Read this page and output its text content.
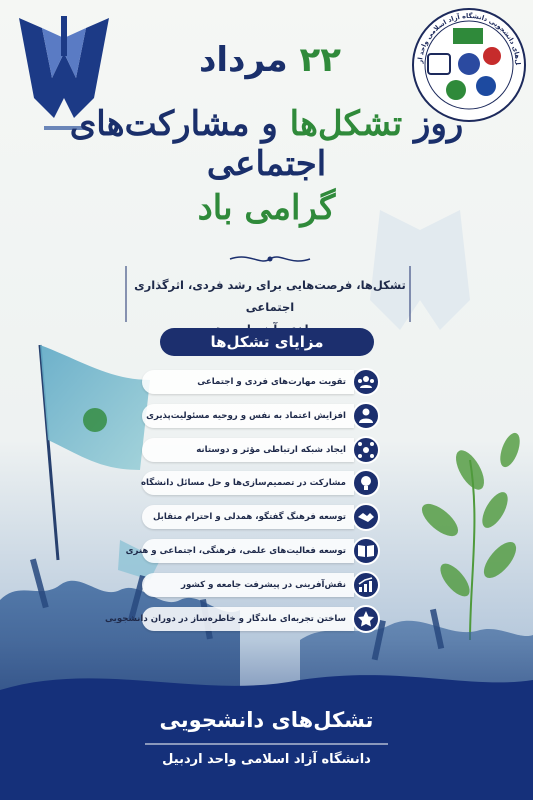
ل‌های دانشجویی دانشگاه آزاد اسلامی واحد ار
۲۲ مرداد
روز تشکل‌ها و مشارکت‌های اجتماعی
گرامی باد
تشکل‌ها، فرصت‌هایی برای رشد فردی، اثرگذاری اجتماعی
مزایای تشکل‌ها
تقویت مهارت‌های فردی و اجتماعی
افزایش اعتماد به نفس و روحیه مسئولیت‌پذیری
ایجاد شبکه ارتباطی مؤثر و دوستانه
مشارکت در تصمیم‌سازی‌ها و حل مسائل دانشگاه
توسعه فرهنگ گفتگو، همدلی و احترام متقابل
توسعه فعالیت‌های علمی، فرهنگی، اجتماعی و هنری
نقش‌آفرینی در پیشرفت جامعه و کشور
ساختن تجربه‌ای ماندگار و خاطره‌ساز در دوران دانشجویی
تشکل‌های دانشجویی
دانشگاه آزاد اسلامی واحد اردبیل
